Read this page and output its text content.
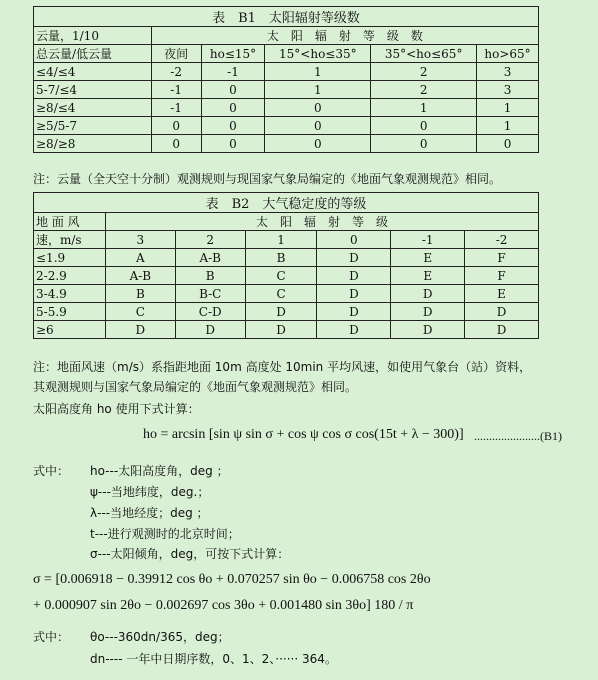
表　B1　太阳辐射等级数					
云量，1/10	太　阳　辐　射　等　级　数				
总云量/低云量	夜间	ho≤15°	15°<ho≤35°	35°<ho≤65°	ho>65°
≤4/≤4	-2	-1	1	2	3
5-7/≤4	-1	0	1	2	3
≥8/≤4	-1	0	0	1	1
≥5/5-7	0	0	0	0	1
≥8/≥8	0	0	0	0	0
注：云量（全天空十分制）观测规则与现国家气象局编定的《地面气象观测规范》相同。
表　B2　大气稳定度的等级						
地 面 风	太　阳　辐　射　等　级					
速，m/s	3	2	1	0	-1	-2
≤1.9	A	A-B	B	D	E	F
2-2.9	A-B	B	C	D	E	F
3-4.9	B	B-C	C	D	D	E
5-5.9	C	C-D	D	D	D	D
≥6	D	D	D	D	D	D
注：地面风速（m/s）系指距地面 10m 高度处 10min 平均风速，如使用气象台（站）资料，
其观测规则与国家气象局编定的《地面气象观测规范》相同。
太阳高度角 ho 使用下式计算：
ho = arcsin [sin ψ sin σ + cos ψ cos σ cos(15t + λ − 300)] ......................(B1)
式中： ho---太阳高度角，deg ；
ψ---当地纬度，deg.；
λ---当地经度；deg ；
t---进行观测时的北京时间；
σ---太阳倾角，deg，可按下式计算：
σ = [0.006918 − 0.39912 cos θo + 0.070257 sin θo − 0.006758 cos 2θo
+ 0.000907 sin 2θo − 0.002697 cos 3θo + 0.001480 sin 3θo] 180 / π
式中： θo---360dn/365，deg；
dn---- 一年中日期序数，0、1、2、······ 364。
